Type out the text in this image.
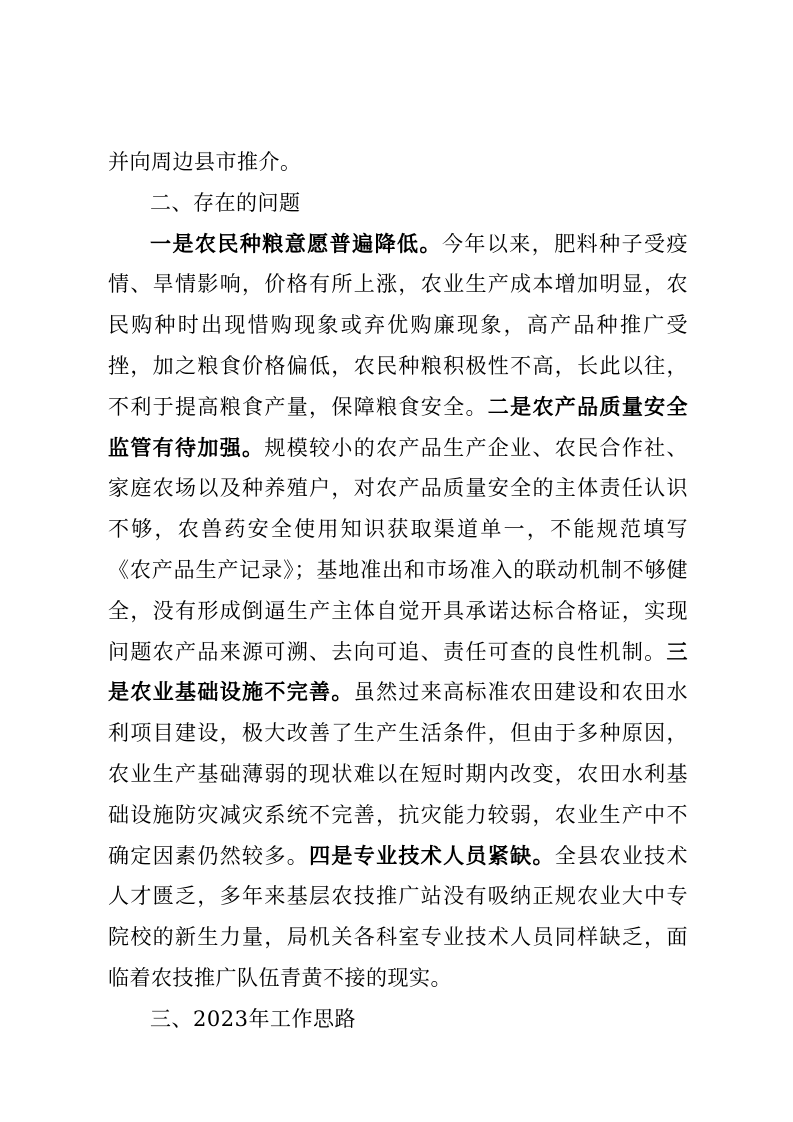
并向周边县市推介。

二、存在的问题

一是农民种粮意愿普遍降低。今年以来，肥料种子受疫情、旱情影响，价格有所上涨，农业生产成本增加明显，农民购种时出现惜购现象或弃优购廉现象，高产品种推广受挫，加之粮食价格偏低，农民种粮积极性不高，长此以往，不利于提高粮食产量，保障粮食安全。二是农产品质量安全监管有待加强。规模较小的农产品生产企业、农民合作社、家庭农场以及种养殖户，对农产品质量安全的主体责任认识不够，农兽药安全使用知识获取渠道单一，不能规范填写《农产品生产记录》；基地准出和市场准入的联动机制不够健全，没有形成倒逼生产主体自觉开具承诺达标合格证，实现问题农产品来源可溯、去向可追、责任可查的良性机制。三是农业基础设施不完善。虽然过来高标准农田建设和农田水利项目建设，极大改善了生产生活条件，但由于多种原因，农业生产基础薄弱的现状难以在短时期内改变，农田水利基础设施防灾减灾系统不完善，抗灾能力较弱，农业生产中不确定因素仍然较多。四是专业技术人员紧缺。全县农业技术人才匮乏，多年来基层农技推广站没有吸纳正规农业大中专院校的新生力量，局机关各科室专业技术人员同样缺乏，面临着农技推广队伍青黄不接的现实。

三、2023年工作思路
